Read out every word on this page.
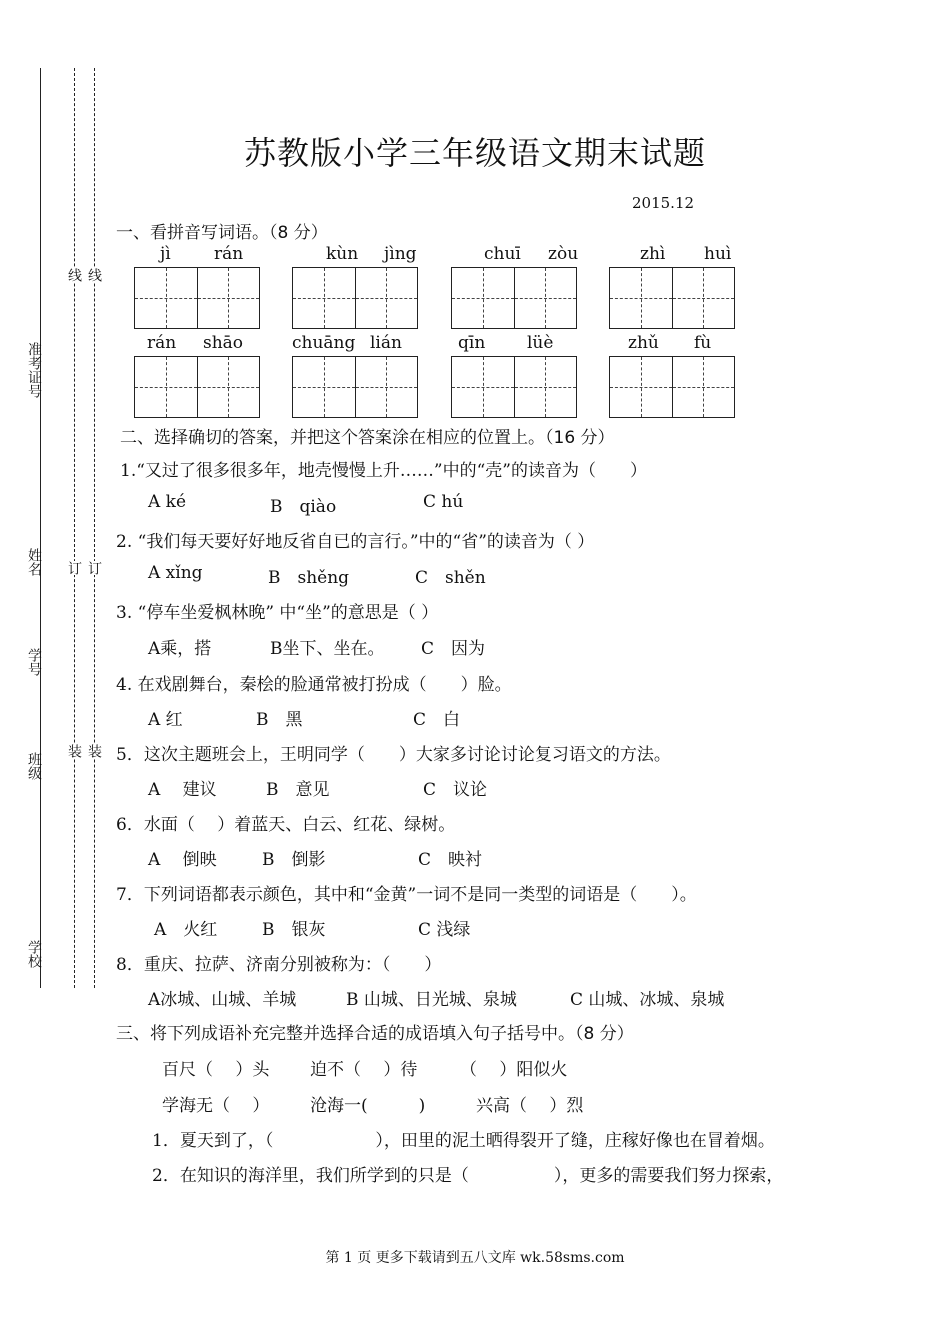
准考证号
姓名
学号
班级
学校
线 线
订 订
装 装
苏教版小学三年级语文期末试题
2015.12
一、看拼音写词语。（8 分）
jì	rán	kùn jìng	chuī zòu	zhì huì
rán shāo	chuāng lián	qīn lüè	zhǔ fù
二、选择确切的答案，并把这个答案涂在相应的位置上。（16 分）
1.“又过了很多很多年，地壳慢慢上升……”中的“壳”的读音为（　　）
A ké	B　qiào	C hú
2. “我们每天要好好地反省自已的言行。”中的“省”的读音为（ ）
A xǐng	B　shěng	C　shěn
3. “停车坐爱枫林晚” 中“坐”的意思是（ ）
A乘，搭	B坐下、坐在。 C　因为
4. 在戏剧舞台，秦桧的脸通常被打扮成（　　）脸。
A 红	B　黑	C　白
5．这次主题班会上，王明同学（　　）大家多讨论讨论复习语文的方法。
A　 建议	B　意见	C　议论
6．水面（　 ）着蓝天、白云、红花、绿树。
A　 倒映	B　倒影	C　映衬
7．下列词语都表示颜色，其中和“金黄”一词不是同一类型的词语是（　　）。
A　火红	B　银灰	C 浅绿
8．重庆、拉萨、济南分别被称为：（　　）
A冰城、山城、羊城	B 山城、日光城、泉城	C 山城、冰城、泉城
三、将下列成语补充完整并选择合适的成语填入句子括号中。（8 分）
百尺（　 ）头 迫不（　 ）待	（　 ）阳似火
学海无（　 ） 沧海一(　　　)	兴高（　 ）烈
1．夏天到了，（　　　　　　），田里的泥土晒得裂开了缝，庄稼好像也在冒着烟。
2．在知识的海洋里，我们所学到的只是（　　　　　），更多的需要我们努力探索，
第 1 页 更多下载请到五八文库 wk.58sms.com
